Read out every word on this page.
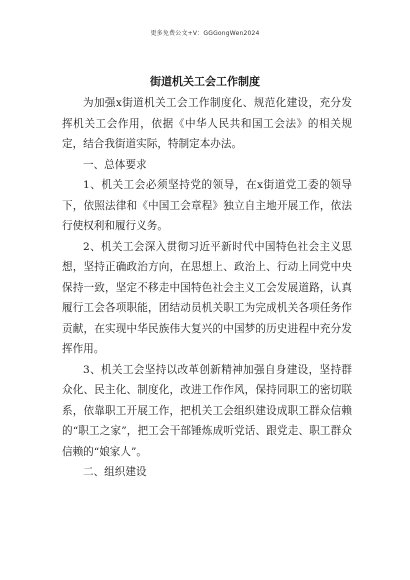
更多免费公文+V：GGGongWen2024
街道机关工会工作制度

为加强x街道机关工会工作制度化、规范化建设，充分发挥机关工会作用，依据《中华人民共和国工会法》的相关规定，结合我街道实际，特制定本办法。

一、总体要求

1、机关工会必须坚持党的领导，在x街道党工委的领导下，依照法律和《中国工会章程》独立自主地开展工作，依法行使权利和履行义务。

2、机关工会深入贯彻习近平新时代中国特色社会主义思想，坚持正确政治方向，在思想上、政治上、行动上同党中央保持一致，坚定不移走中国特色社会主义工会发展道路，认真履行工会各项职能，团结动员机关职工为完成机关各项任务作贡献，在实现中华民族伟大复兴的中国梦的历史进程中充分发挥作用。

3、机关工会坚持以改革创新精神加强自身建设，坚持群众化、民主化、制度化，改进工作作风，保持同职工的密切联系，依靠职工开展工作，把机关工会组织建设成职工群众信赖的“职工之家”，把工会干部锤炼成听党话、跟党走、职工群众信赖的“娘家人”。

二、组织建设
